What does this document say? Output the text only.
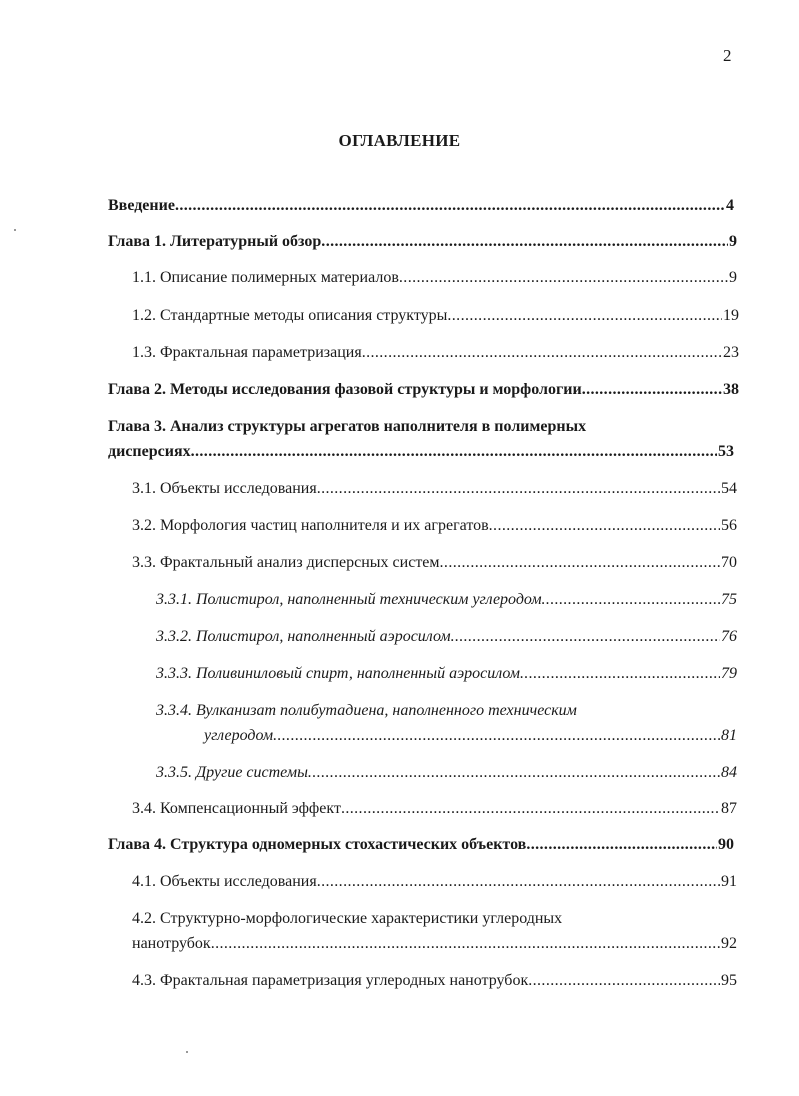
2
ОГЛАВЛЕНИЕ
Введение .....	4
Глава 1. Литературный обзор .....	9
1.1. Описание полимерных материалов .....	9
1.2. Стандартные методы описания структуры .....	19
1.3. Фрактальная параметризация .....	23
Глава 2. Методы исследования фазовой структуры и морфологии .....	38
Глава 3. Анализ структуры агрегатов наполнителя в полимерных
дисперсиях .....	53
3.1. Объекты исследования .....	54
3.2. Морфология частиц наполнителя и их агрегатов .....	56
3.3. Фрактальный анализ дисперсных систем .....	70
3.3.1. Полистирол, наполненный техническим углеродом .....	75
3.3.2. Полистирол, наполненный аэросилом .....	76
3.3.3. Поливиниловый спирт, наполненный аэросилом .....	79
3.3.4. Вулканизат полибутадиена, наполненного техническим
углеродом .....	81
3.3.5. Другие системы .....	84
3.4. Компенсационный эффект .....	87
Глава 4. Структура одномерных стохастических объектов .....	90
4.1. Объекты исследования .....	91
4.2. Структурно-морфологические характеристики углеродных
нанотрубок .....	92
4.3. Фрактальная параметризация углеродных нанотрубок .....	95
